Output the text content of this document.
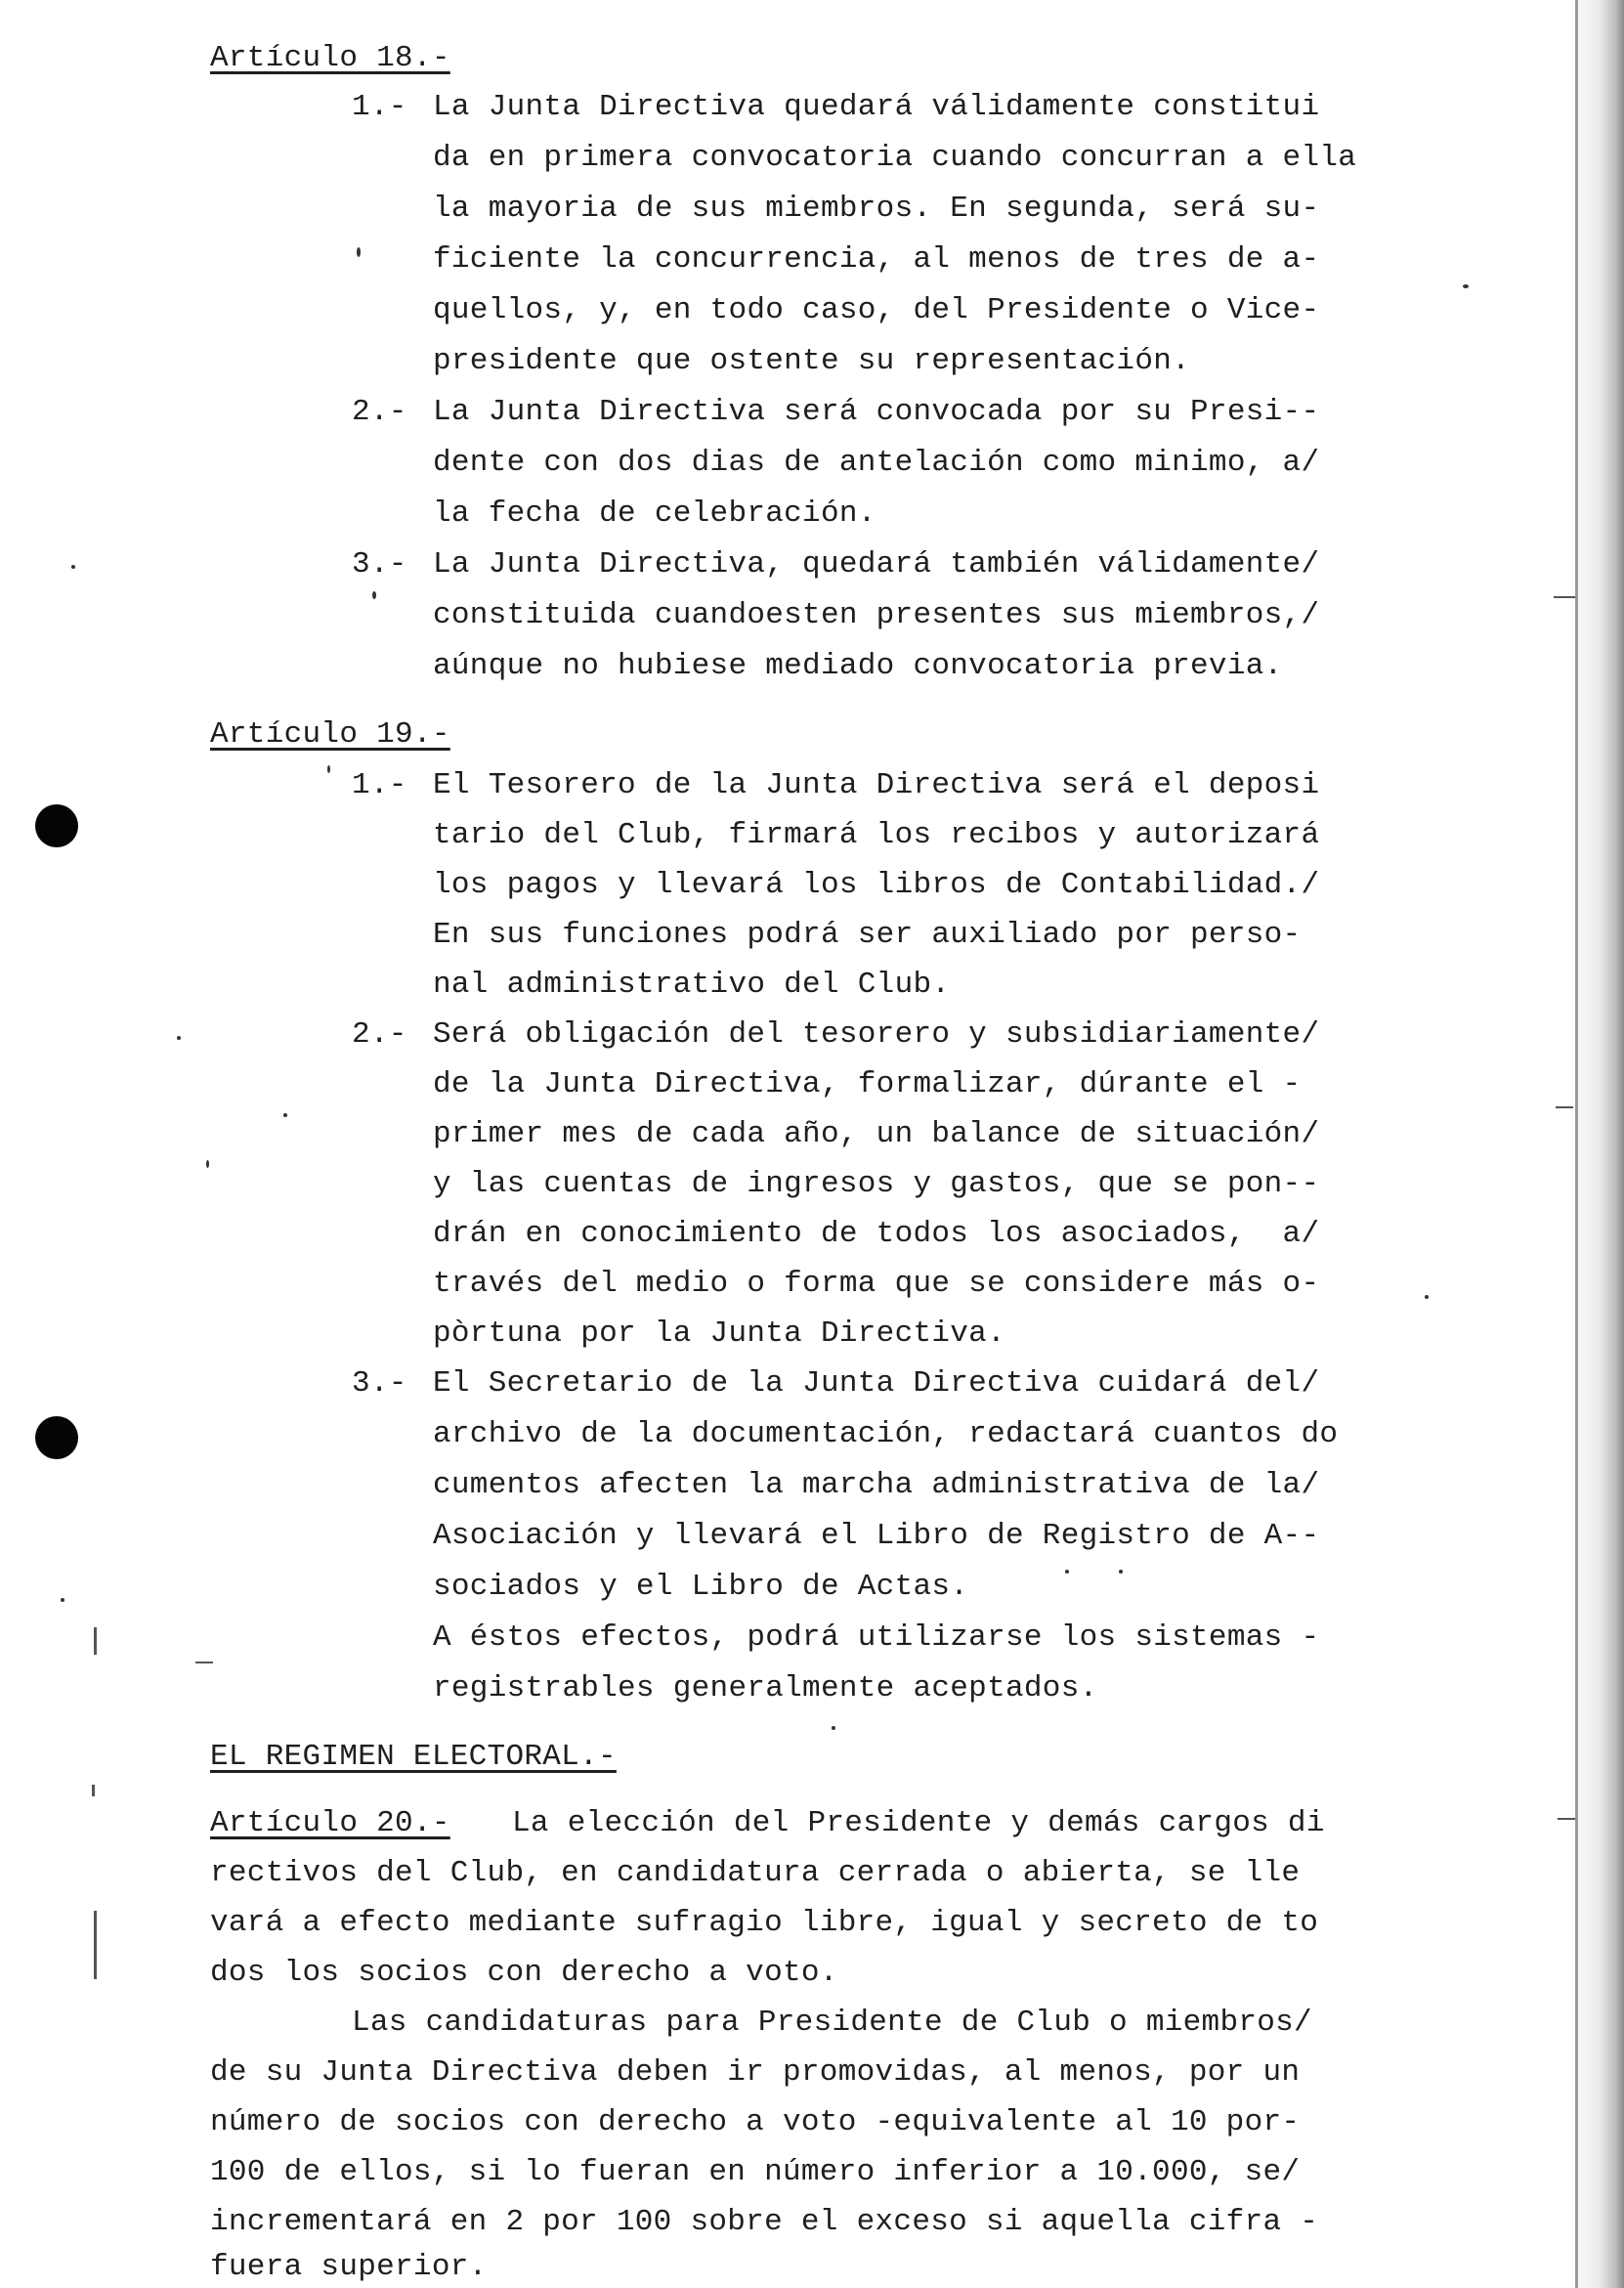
Artículo 18.-
1.- La Junta Directiva quedará válidamente constitui
da en primera convocatoria cuando concurran a ella
la mayoria de sus miembros. En segunda, será su-
ficiente la concurrencia, al menos de tres de a-
quellos, y, en todo caso, del Presidente o Vice-
presidente que ostente su representación.
2.- La Junta Directiva será convocada por su Presi--
dente con dos dias de antelación como minimo, a/
la fecha de celebración.
3.- La Junta Directiva, quedará también válidamente/
constituida cuandoesten presentes sus miembros,/
aúnque no hubiese mediado convocatoria previa.
Artículo 19.-
1.- El Tesorero de la Junta Directiva será el deposi
tario del Club, firmará los recibos y autorizará
los pagos y llevará los libros de Contabilidad./
En sus funciones podrá ser auxiliado por perso-
nal administrativo del Club.
2.- Será obligación del tesorero y subsidiariamente/
de la Junta Directiva, formalizar, dúrante el -
primer mes de cada año, un balance de situación/
y las cuentas de ingresos y gastos, que se pon--
drán en conocimiento de todos los asociados,  a/
través del medio o forma que se considere más o-
pòrtuna por la Junta Directiva.
3.- El Secretario de la Junta Directiva cuidará del/
archivo de la documentación, redactará cuantos do
cumentos afecten la marcha administrativa de la/
Asociación y llevará el Libro de Registro de A--
sociados y el Libro de Actas.
A éstos efectos, podrá utilizarse los sistemas -
registrables generalmente aceptados.
EL REGIMEN ELECTORAL.-
Artículo 20.- La elección del Presidente y demás cargos di
rectivos del Club, en candidatura cerrada o abierta, se lle
vará a efecto mediante sufragio libre, igual y secreto de to
dos los socios con derecho a voto.
Las candidaturas para Presidente de Club o miembros/
de su Junta Directiva deben ir promovidas, al menos, por un
número de socios con derecho a voto -equivalente al 10 por-
100 de ellos, si lo fueran en número inferior a 10.000, se/
incrementará en 2 por 100 sobre el exceso si aquella cifra -
fuera superior.
